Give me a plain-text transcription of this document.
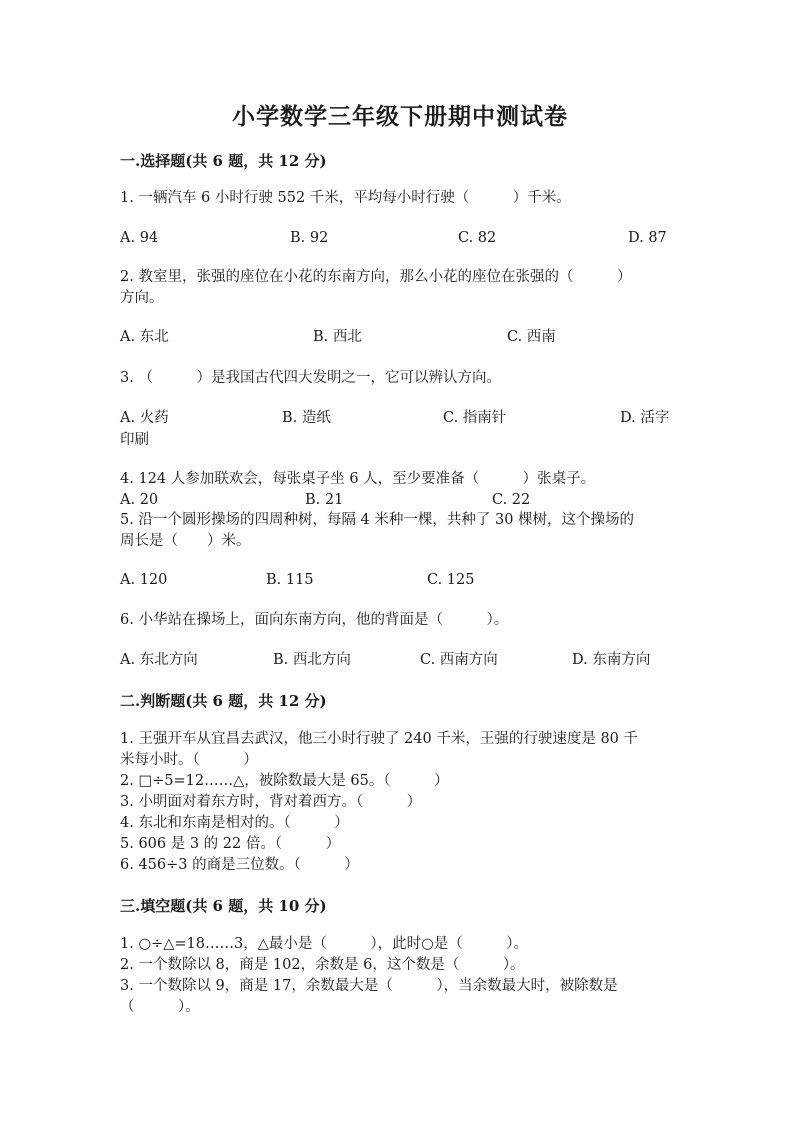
小学数学三年级下册期中测试卷
一.选择题(共 6 题，共 12 分)
1. 一辆汽车 6 小时行驶 552 千米，平均每小时行驶（　　　）千米。
A. 94	B. 92	C. 82	D. 87
2. 教室里，张强的座位在小花的东南方向，那么小花的座位在张强的（　　　）
方向。
A. 东北	B. 西北	C. 西南
3. （　　　）是我国古代四大发明之一，它可以辨认方向。
A. 火药	B. 造纸	C. 指南针	D. 活字
印刷
4. 124 人参加联欢会，每张桌子坐 6 人，至少要准备（　　　）张桌子。
A. 20	B. 21	C. 22
5. 沿一个圆形操场的四周种树，每隔 4 米种一棵，共种了 30 棵树，这个操场的
周长是（　　）米。
A. 120	B. 115	C. 125
6. 小华站在操场上，面向东南方向，他的背面是（　　　）。
A. 东北方向	B. 西北方向	C. 西南方向	D. 东南方向
二.判断题(共 6 题，共 12 分)
1. 王强开车从宜昌去武汉，他三小时行驶了 240 千米，王强的行驶速度是 80 千
米每小时。（　　　）
2. □÷5=12……△，被除数最大是 65。（　　　）
3. 小明面对着东方时，背对着西方。（　　　）
4. 东北和东南是相对的。（　　　）
5. 606 是 3 的 22 倍。（　　　）
6. 456÷3 的商是三位数。（　　　）
三.填空题(共 6 题，共 10 分)
1. ○÷△=18……3，△最小是（　　　），此时○是（　　　）。
2. 一个数除以 8，商是 102，余数是 6，这个数是（　　　）。
3. 一个数除以 9，商是 17，余数最大是（　　　），当余数最大时，被除数是
（　　　）。
